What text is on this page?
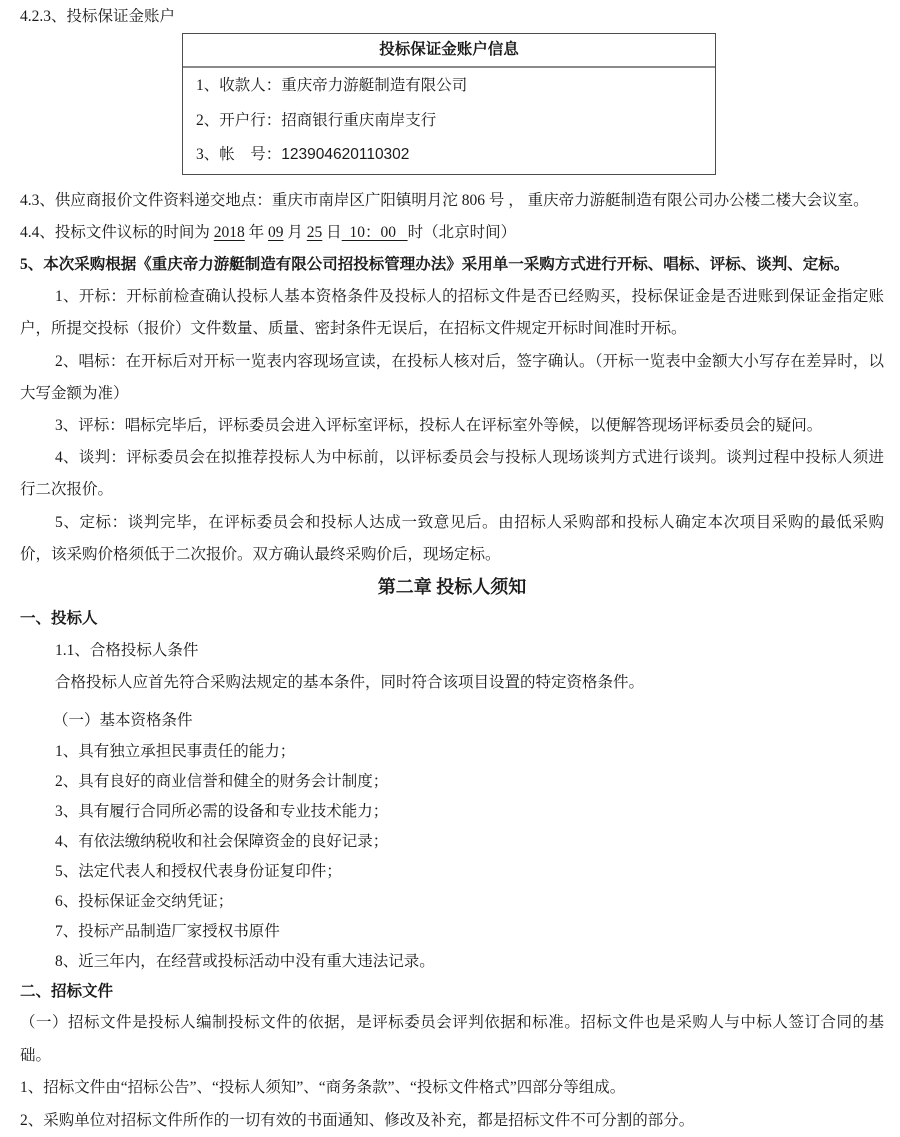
4.2.3、投标保证金账户
投标保证金账户信息
1、收款人：重庆帝力游艇制造有限公司
2、开户行：招商银行重庆南岸支行
3、帐　号：123904620110302
4.3、供应商报价文件资料递交地点：重庆市南岸区广阳镇明月沱 806 号 ， 重庆帝力游艇制造有限公司办公楼二楼大会议室。
4.4、投标文件议标的时间为 2018 年 09 月 25 日  10：00   时（北京时间）
5、本次采购根据《重庆帝力游艇制造有限公司招投标管理办法》采用单一采购方式进行开标、唱标、评标、谈判、定标。
1、开标：开标前检查确认投标人基本资格条件及投标人的招标文件是否已经购买，投标保证金是否进账到保证金指定账户，所提交投标（报价）文件数量、质量、密封条件无误后，在招标文件规定开标时间准时开标。
2、唱标：在开标后对开标一览表内容现场宣读，在投标人核对后，签字确认。（开标一览表中金额大小写存在差异时，以大写金额为准）
3、评标：唱标完毕后，评标委员会进入评标室评标，投标人在评标室外等候，以便解答现场评标委员会的疑问。
4、谈判：评标委员会在拟推荐投标人为中标前，以评标委员会与投标人现场谈判方式进行谈判。谈判过程中投标人须进行二次报价。
5、定标：谈判完毕，在评标委员会和投标人达成一致意见后。由招标人采购部和投标人确定本次项目采购的最低采购价，该采购价格须低于二次报价。双方确认最终采购价后，现场定标。
第二章 投标人须知
一、投标人
1.1、合格投标人条件
合格投标人应首先符合采购法规定的基本条件，同时符合该项目设置的特定资格条件。
（一）基本资格条件
1、具有独立承担民事责任的能力；
2、具有良好的商业信誉和健全的财务会计制度；
3、具有履行合同所必需的设备和专业技术能力；
4、有依法缴纳税收和社会保障资金的良好记录；
5、法定代表人和授权代表身份证复印件；
6、投标保证金交纳凭证；
7、投标产品制造厂家授权书原件
8、近三年内，在经营或投标活动中没有重大违法记录。
二、招标文件
（一）招标文件是投标人编制投标文件的依据，是评标委员会评判依据和标准。招标文件也是采购人与中标人签订合同的基础。
1、招标文件由“招标公告”、“投标人须知”、“商务条款”、“投标文件格式”四部分等组成。
2、采购单位对招标文件所作的一切有效的书面通知、修改及补充，都是招标文件不可分割的部分。
